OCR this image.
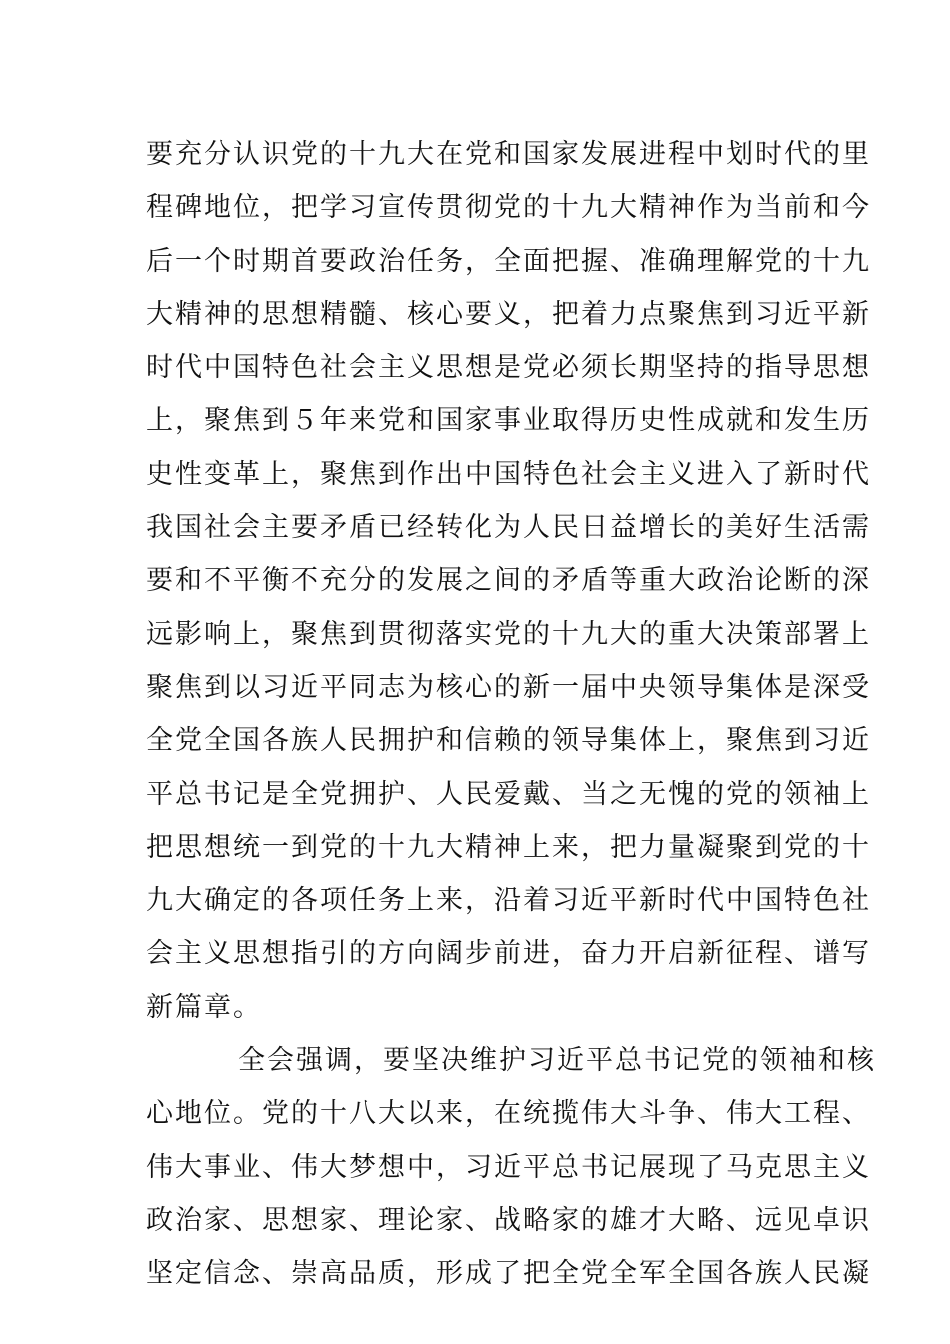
要充分认识党的十九大在党和国家发展进程中划时代的里
程碑地位，把学习宣传贯彻党的十九大精神作为当前和今
后一个时期首要政治任务，全面把握、准确理解党的十九
大精神的思想精髓、核心要义，把着力点聚焦到习近平新
时代中国特色社会主义思想是党必须长期坚持的指导思想
上，聚焦到５年来党和国家事业取得历史性成就和发生历
史性变革上，聚焦到作出中国特色社会主义进入了新时代
我国社会主要矛盾已经转化为人民日益增长的美好生活需
要和不平衡不充分的发展之间的矛盾等重大政治论断的深
远影响上，聚焦到贯彻落实党的十九大的重大决策部署上
聚焦到以习近平同志为核心的新一届中央领导集体是深受
全党全国各族人民拥护和信赖的领导集体上，聚焦到习近
平总书记是全党拥护、人民爱戴、当之无愧的党的领袖上
把思想统一到党的十九大精神上来，把力量凝聚到党的十
九大确定的各项任务上来，沿着习近平新时代中国特色社
会主义思想指引的方向阔步前进，奋力开启新征程、谱写
新篇章。
全会强调，要坚决维护习近平总书记党的领袖和核
心地位。党的十八大以来，在统揽伟大斗争、伟大工程、
伟大事业、伟大梦想中，习近平总书记展现了马克思主义
政治家、思想家、理论家、战略家的雄才大略、远见卓识
坚定信念、崇高品质，形成了把全党全军全国各族人民凝
